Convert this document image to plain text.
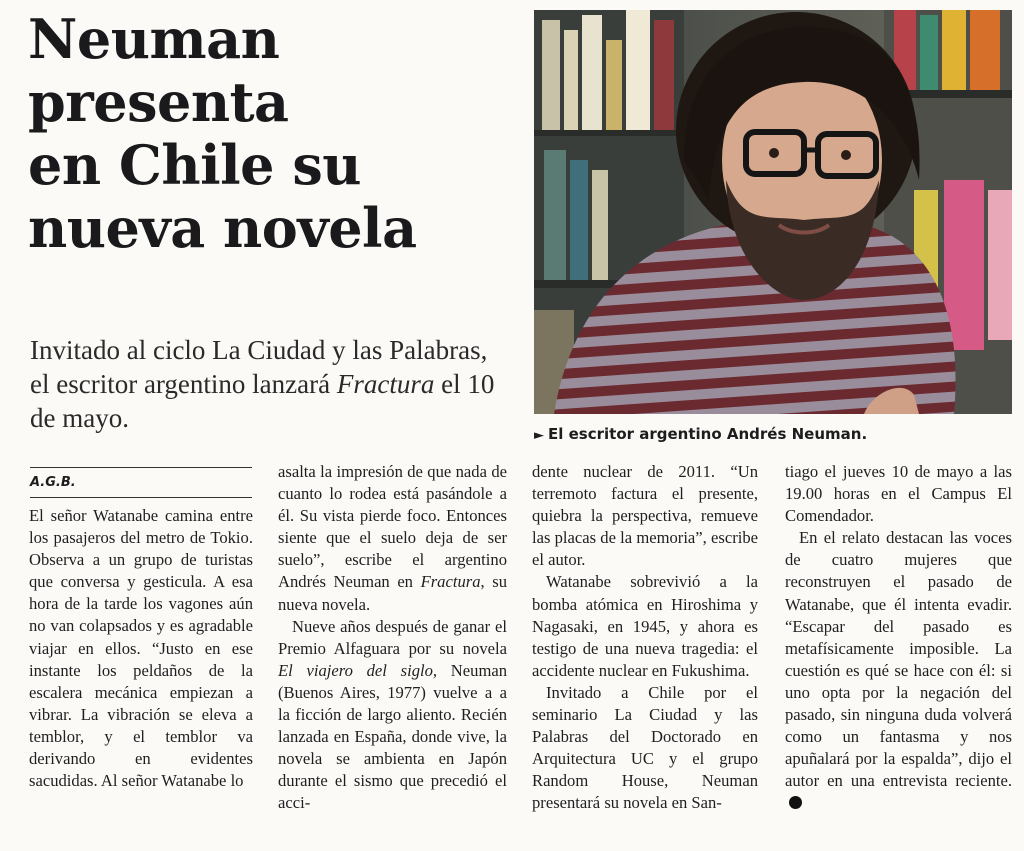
Neuman
presenta
en Chile su
nueva novela
Invitado al ciclo La Ciudad y las Palabras, el escritor argentino lanzará Fractura el 10 de mayo.
► El escritor argentino Andrés Neuman.
A.G.B.

El señor Watanabe camina entre los pasajeros del metro de Tokio. Observa a un grupo de turistas que conversa y gesticula. A esa hora de la tarde los vagones aún no van colapsados y es agradable viajar en ellos. “Justo en ese instante los peldaños de la escalera mecánica empiezan a vibrar. La vibración se eleva a temblor, y el temblor va derivando en evidentes sacudidas. Al señor Watanabe lo

asalta la impresión de que nada de cuanto lo rodea está pasándole a él. Su vista pierde foco. Entonces siente que el suelo deja de ser suelo”, escribe el argentino Andrés Neuman en Fractura, su nueva novela.

Nueve años después de ganar el Premio Alfaguara por su novela El viajero del siglo, Neuman (Buenos Aires, 1977) vuelve a a la ficción de largo aliento. Recién lanzada en España, donde vive, la novela se ambienta en Japón durante el sismo que precedió el acci-

dente nuclear de 2011. “Un terremoto factura el presente, quiebra la perspectiva, remueve las placas de la memoria”, escribe el autor.

Watanabe sobrevivió a la bomba atómica en Hiroshima y Nagasaki, en 1945, y ahora es testigo de una nueva tragedia: el accidente nuclear en Fukushima.

Invitado a Chile por el seminario La Ciudad y las Palabras del Doctorado en Arquitectura UC y el grupo Random House, Neuman presentará su novela en San-

tiago el jueves 10 de mayo a las 19.00 horas en el Campus El Comendador.

En el relato destacan las voces de cuatro mujeres que reconstruyen el pasado de Watanabe, que él intenta evadir. “Escapar del pasado es metafísicamente imposible. La cuestión es qué se hace con él: si uno opta por la negación del pasado, sin ninguna duda volverá como un fantasma y nos apuñalará por la espalda”, dijo el autor en una entrevista reciente.
